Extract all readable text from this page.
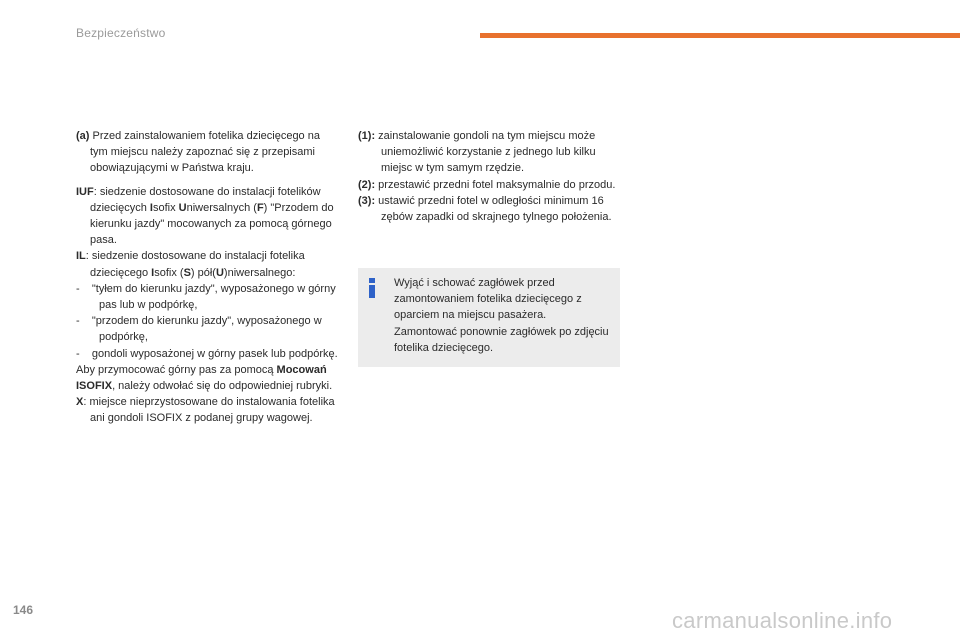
Bezpieczeństwo

(a) Przed zainstalowaniem fotelika dziecięcego na tym miejscu należy zapoznać się z przepisami obowiązującymi w Państwa kraju.

IUF: siedzenie dostosowane do instalacji fotelików dziecięcych Isofix Uniwersalnych (F) "Przodem do kierunku jazdy" mocowanych za pomocą górnego pasa.

IL: siedzenie dostosowane do instalacji fotelika dziecięcego Isofix (S) pół(U)niwersalnego:

-    "tyłem do kierunku jazdy", wyposażonego w górny pas lub w podpórkę,

-    "przodem do kierunku jazdy", wyposażonego w podpórkę,

-    gondoli wyposażonej w górny pasek lub podpórkę.

Aby przymocować górny pas za pomocą Mocowań ISOFIX, należy odwołać się do odpowiedniej rubryki.

X: miejsce nieprzystosowane do instalowania fotelika ani gondoli ISOFIX z podanej grupy wagowej.

(1): zainstalowanie gondoli na tym miejscu może uniemożliwić korzystanie z jednego lub kilku miejsc w tym samym rzędzie.

(2): przestawić przedni fotel maksymalnie do przodu.

(3): ustawić przedni fotel w odległości minimum 16 zębów zapadki od skrajnego tylnego położenia.

Wyjąć i schować zagłówek przed zamontowaniem fotelika dziecięcego z oparciem na miejscu pasażera.

Zamontować ponownie zagłówek po zdjęciu fotelika dziecięcego.

146	carmanualsonline.info
